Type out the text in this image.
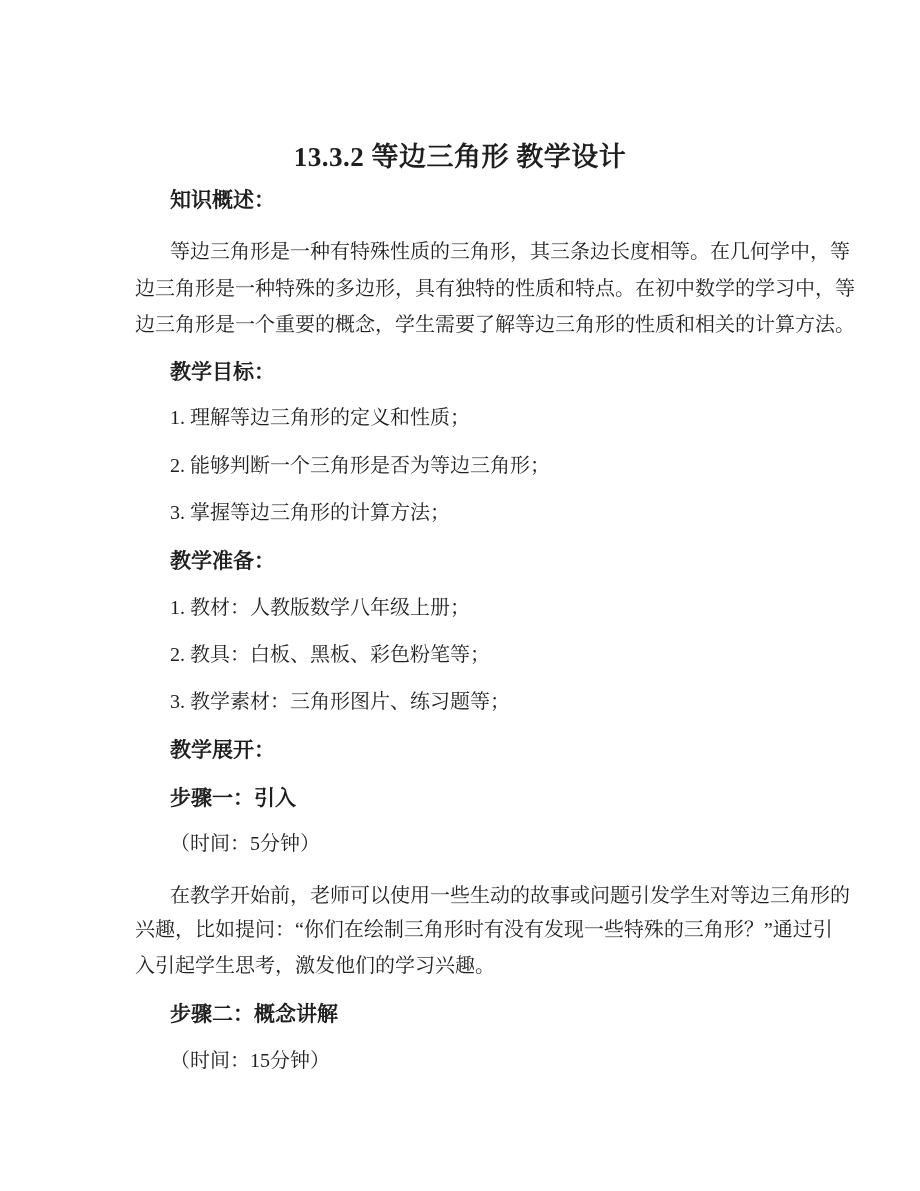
13.3.2 等边三角形 教学设计
知识概述：
等边三角形是一种有特殊性质的三角形，其三条边长度相等。在几何学中，等
边三角形是一种特殊的多边形，具有独特的性质和特点。在初中数学的学习中，等
边三角形是一个重要的概念，学生需要了解等边三角形的性质和相关的计算方法。
教学目标：
1. 理解等边三角形的定义和性质；
2. 能够判断一个三角形是否为等边三角形；
3. 掌握等边三角形的计算方法；
教学准备：
1. 教材：人教版数学八年级上册；
2. 教具：白板、黑板、彩色粉笔等；
3. 教学素材：三角形图片、练习题等；
教学展开：
步骤一：引入
（时间：5分钟）
在教学开始前，老师可以使用一些生动的故事或问题引发学生对等边三角形的
兴趣，比如提问：“你们在绘制三角形时有没有发现一些特殊的三角形？”通过引
入引起学生思考，激发他们的学习兴趣。
步骤二：概念讲解
（时间：15分钟）
